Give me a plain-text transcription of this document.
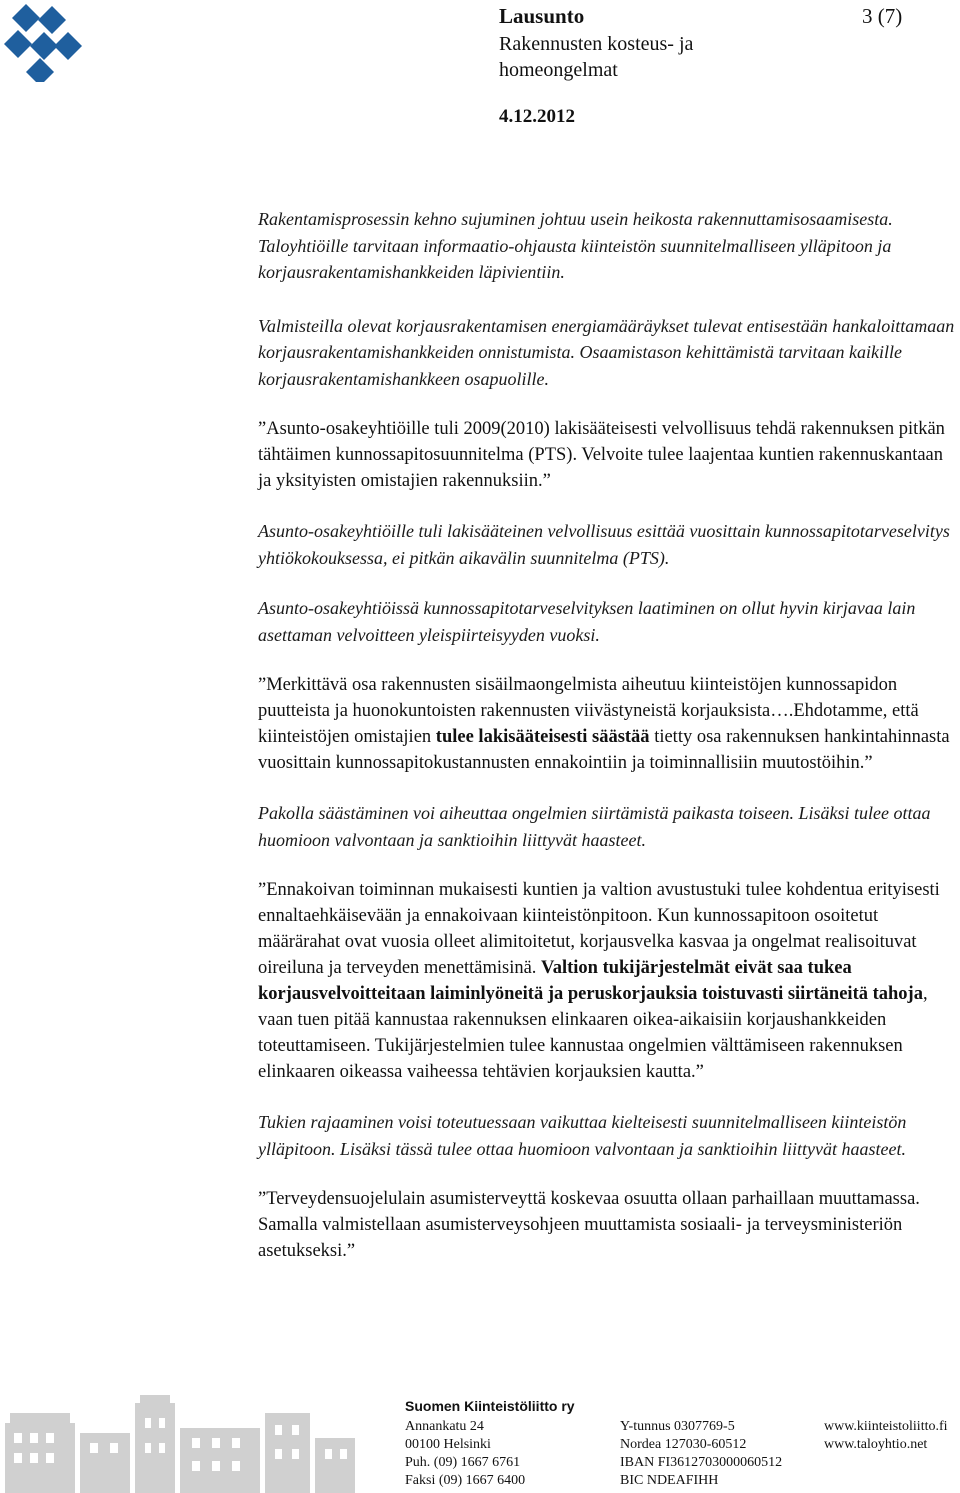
Lausunto	3 (7)
Rakennusten kosteus- ja homeongelmat
4.12.2012

Rakentamisprosessin kehno sujuminen johtuu usein heikosta rakennuttamisosaamisesta. Taloyhtiöille tarvitaan informaatio-ohjausta kiinteistön suunnitelmalliseen ylläpitoon ja korjausrakentamishankkeiden läpivientiin.

Valmisteilla olevat korjausrakentamisen energiamääräykset tulevat entisestään hankaloittamaan korjausrakentamishankkeiden onnistumista. Osaamistason kehittämistä tarvitaan kaikille korjausrakentamishankkeen osapuolille.

”Asunto-osakeyhtiöille tuli 2009(2010) lakisääteisesti velvollisuus tehdä rakennuksen pitkän tähtäimen kunnossapitosuunnitelma (PTS). Velvoite tulee laajentaa kuntien rakennuskantaan ja yksityisten omistajien rakennuksiin.”

Asunto-osakeyhtiöille tuli lakisääteinen velvollisuus esittää vuosittain kunnossapitotarveselvitys yhtiökokouksessa, ei pitkän aikavälin suunnitelma (PTS).

Asunto-osakeyhtiöissä kunnossapitotarveselvityksen laatiminen on ollut hyvin kirjavaa lain asettaman velvoitteen yleispiirteisyyden vuoksi.

”Merkittävä osa rakennusten sisäilmaongelmista aiheutuu kiinteistöjen kunnossapidon puutteista ja huonokuntoisten rakennusten viivästyneistä korjauksista….Ehdotamme, että kiinteistöjen omistajien tulee lakisääteisesti säästää tietty osa rakennuksen hankintahinnasta vuosittain kunnossapitokustannusten ennakointiin ja toiminnallisiin muutostöihin.”

Pakolla säästäminen voi aiheuttaa ongelmien siirtämistä paikasta toiseen. Lisäksi tulee ottaa huomioon valvontaan ja sanktioihin liittyvät haasteet.

”Ennakoivan toiminnan mukaisesti kuntien ja valtion avustustuki tulee kohdentua erityisesti ennaltaehkäisevään ja ennakoivaan kiinteistönpitoon. Kun kunnossapitoon osoitetut määrärahat ovat vuosia olleet alimitoitetut, korjausvelka kasvaa ja ongelmat realisoituvat oireiluna ja terveyden menettämisinä. Valtion tukijärjestelmät eivät saa tukea korjausvelvoitteitaan laiminlyöneitä ja peruskorjauksia toistuvasti siirtäneitä tahoja, vaan tuen pitää kannustaa rakennuksen elinkaaren oikea-aikaisiin korjaushankkeiden toteuttamiseen. Tukijärjestelmien tulee kannustaa ongelmien välttämiseen rakennuksen elinkaaren oikeassa vaiheessa tehtävien korjauksien kautta.”

Tukien rajaaminen voisi toteutuessaan vaikuttaa kielteisesti suunnitelmalliseen kiinteistön ylläpitoon. Lisäksi tässä tulee ottaa huomioon valvontaan ja sanktioihin liittyvät haasteet.

”Terveydensuojelulain asumisterveyttä koskevaa osuutta ollaan parhaillaan muuttamassa. Samalla valmistellaan asumisterveysohjeen muuttamista sosiaali- ja terveysministeriön asetukseksi.”

Suomen Kiinteistöliitto ry
Annankatu 24
00100 Helsinki
Puh. (09) 1667 6761
Faksi (09) 1667 6400
Y-tunnus 0307769-5
Nordea 127030-60512
IBAN FI3612703000060512
BIC NDEAFIHH
www.kiinteistoliitto.fi
www.taloyhtio.net
